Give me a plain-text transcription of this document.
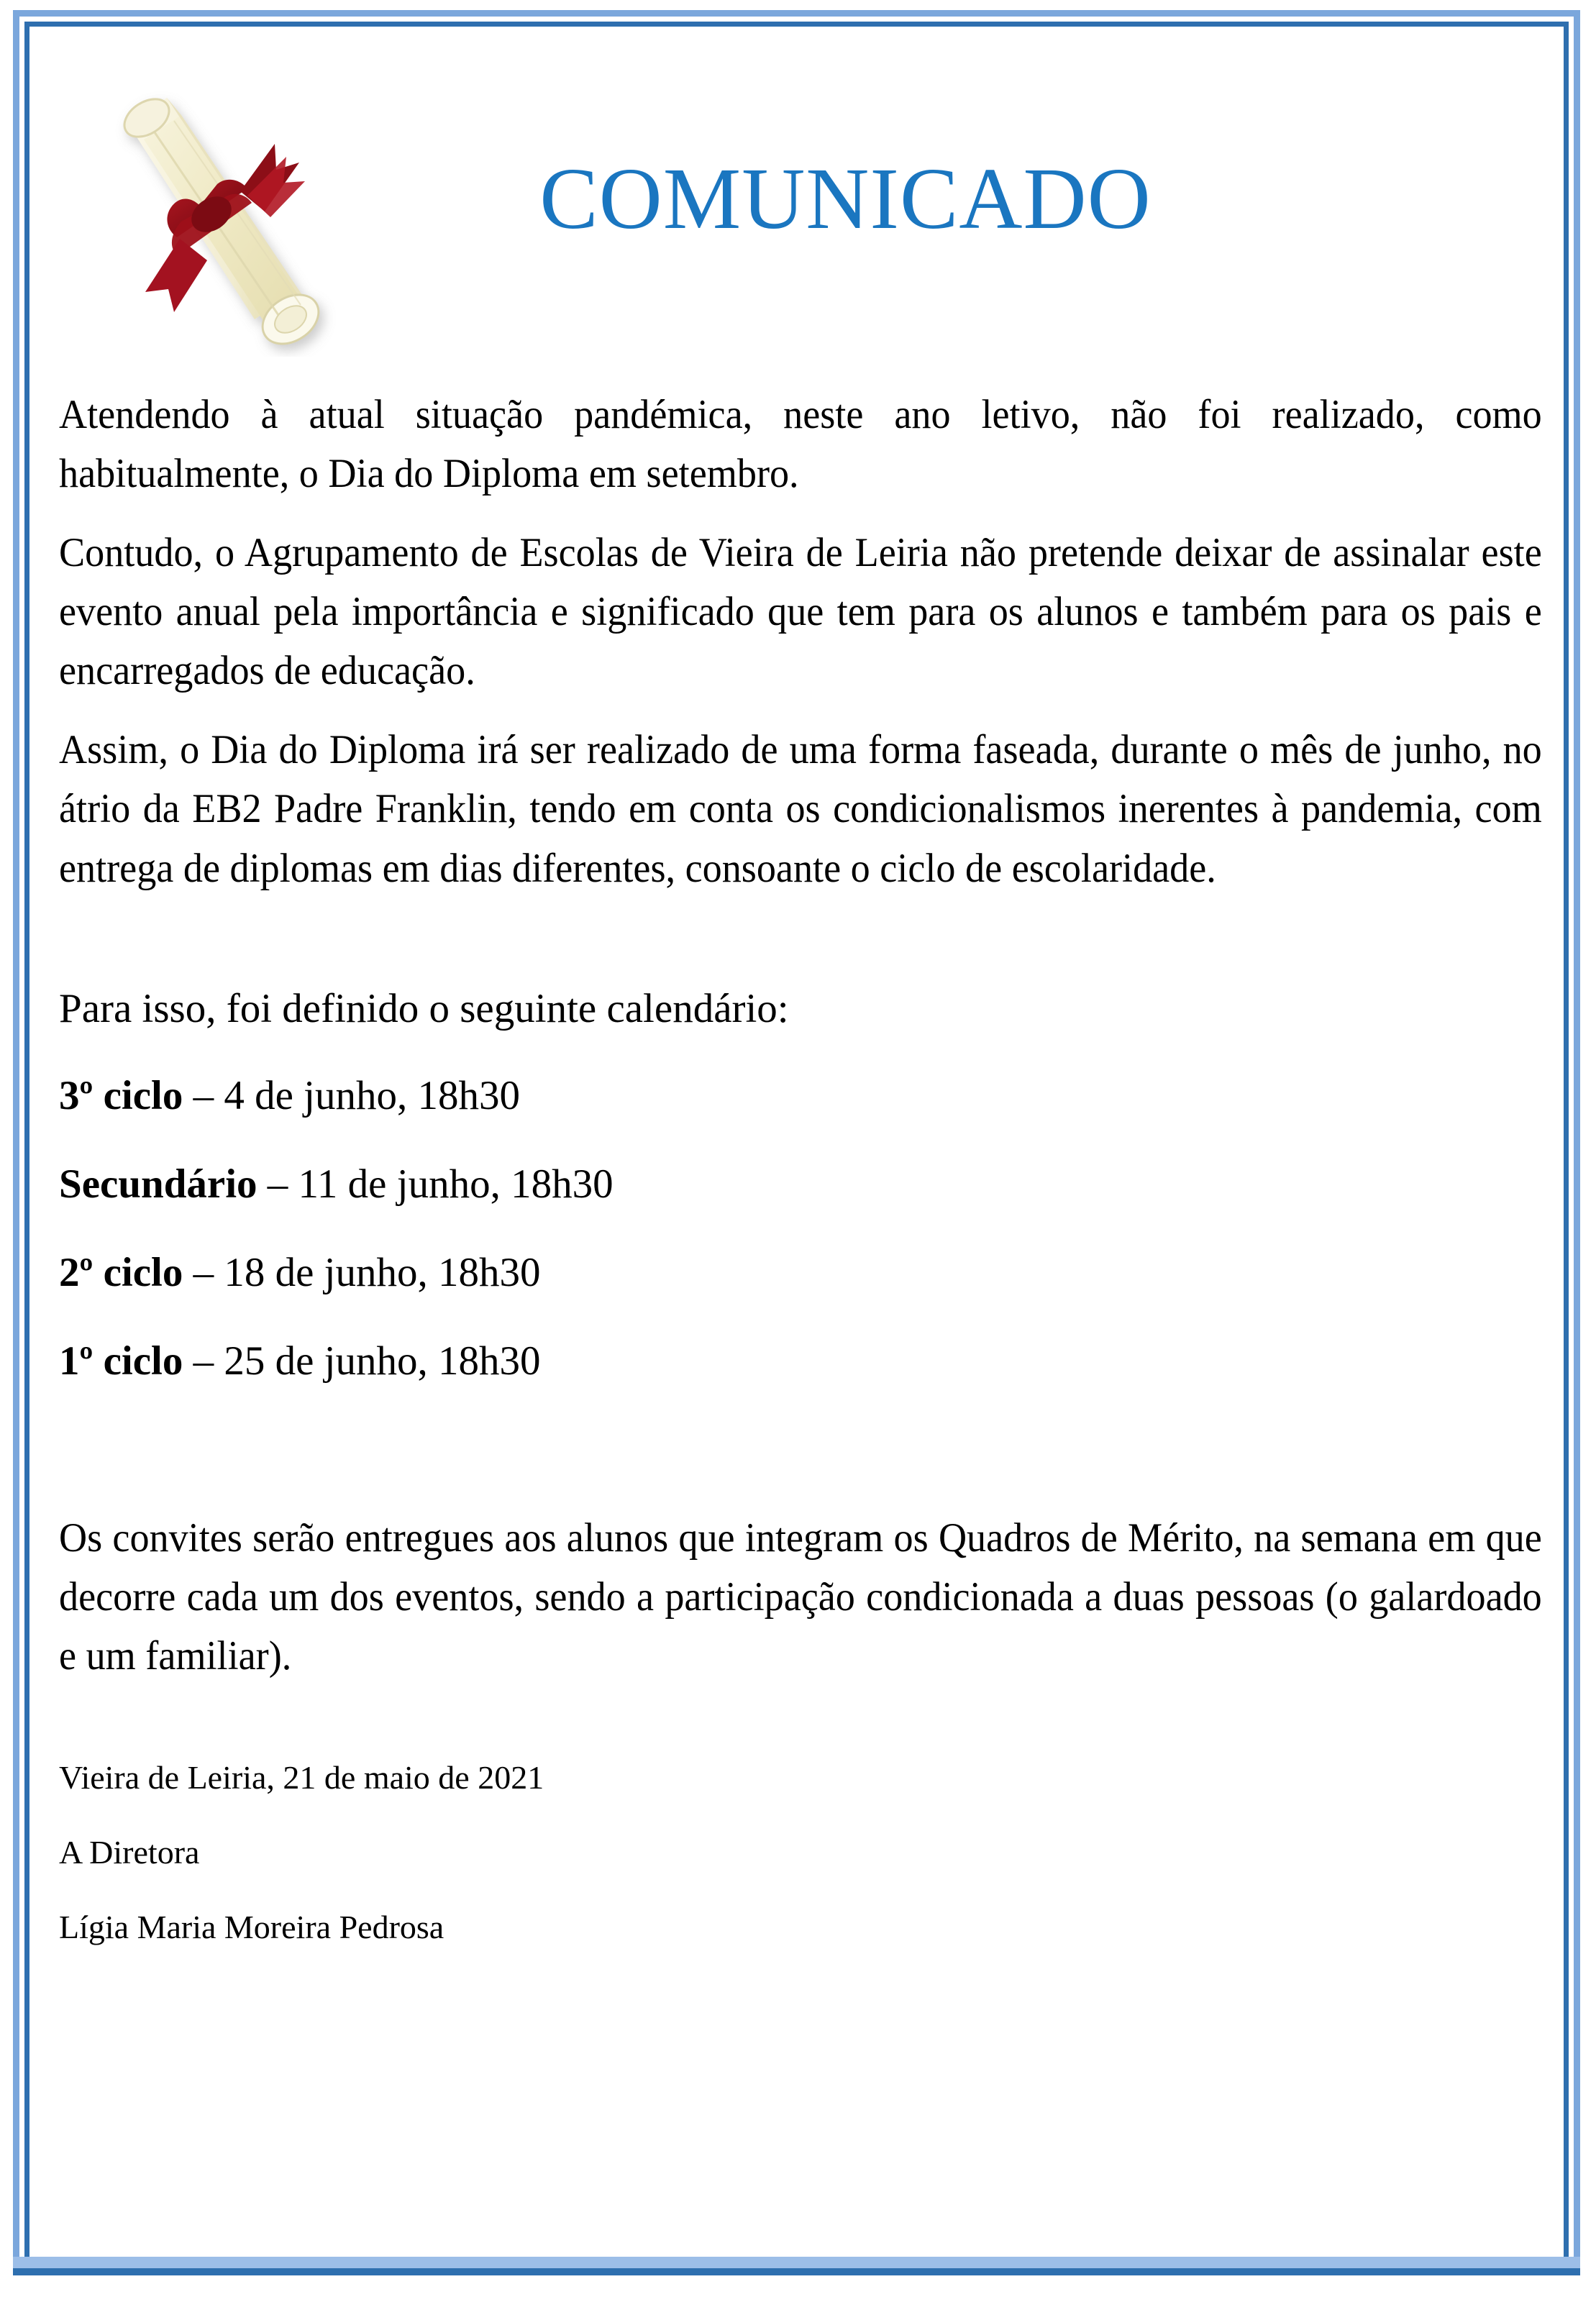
COMUNICADO

Atendendo à atual situação pandémica, neste ano letivo, não foi realizado, como habitualmente, o Dia do Diploma em setembro.

Contudo, o Agrupamento de Escolas de Vieira de Leiria não pretende deixar de assinalar este evento anual pela importância e significado que tem para os alunos e também para os pais e encarregados de educação.

Assim, o Dia do Diploma irá ser realizado de uma forma faseada, durante o mês de junho, no átrio da EB2 Padre Franklin, tendo em conta os condicionalismos inerentes à pandemia, com entrega de diplomas em dias diferentes, consoante o ciclo de escolaridade.

Para isso, foi definido o seguinte calendário:
3º ciclo – 4 de junho, 18h30
Secundário – 11 de junho, 18h30
2º ciclo – 18 de junho, 18h30
1º ciclo – 25 de junho, 18h30

Os convites serão entregues aos alunos que integram os Quadros de Mérito, na semana em que decorre cada um dos eventos, sendo a participação condicionada a duas pessoas (o galardoado e um familiar).

Vieira de Leiria, 21 de maio de 2021

A Diretora

Lígia Maria Moreira Pedrosa
